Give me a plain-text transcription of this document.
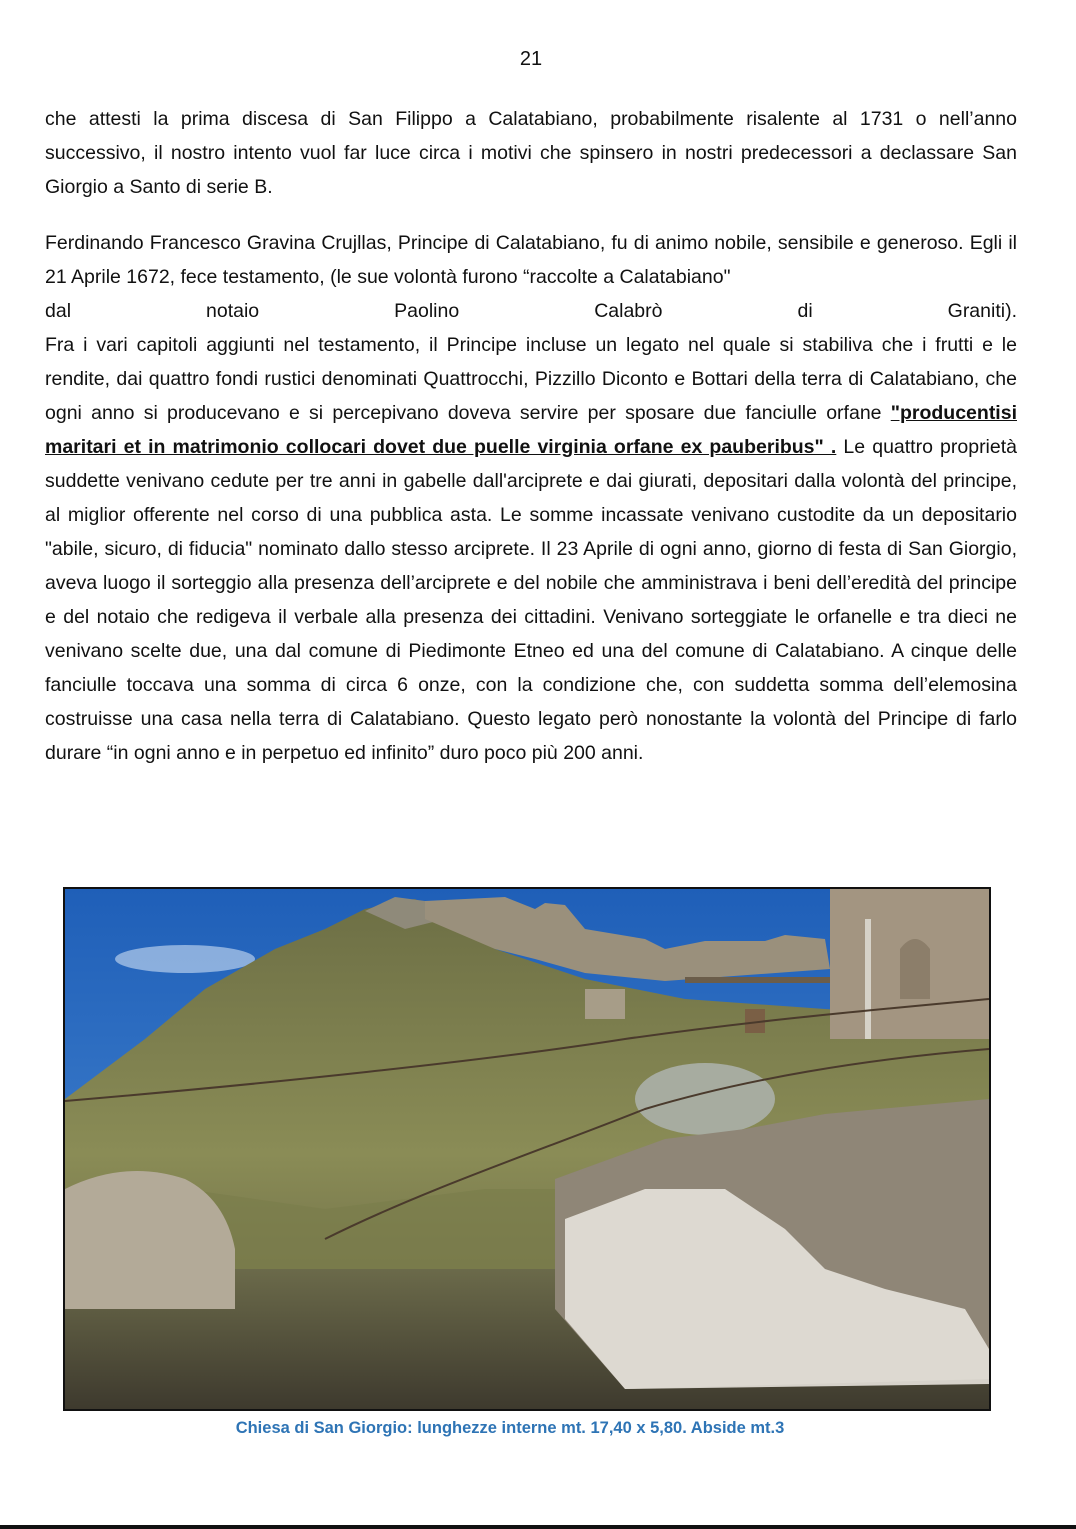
21

che attesti la prima discesa di San Filippo a Calatabiano, probabilmente risalente al 1731 o nell’anno successivo, il nostro intento vuol far luce circa i motivi che spinsero in nostri predecessori a declassare San Giorgio a Santo di serie B.

Ferdinando Francesco Gravina Crujllas, Principe di Calatabiano, fu di animo nobile, sensibile e generoso. Egli il 21 Aprile 1672, fece testamento, (le sue volontà furono “raccolte a Calatabiano"
dal notaio Paolino Calabrò di Graniti).
Fra i vari capitoli aggiunti nel testamento, il Principe incluse un legato nel quale si stabiliva che i frutti e le rendite, dai quattro fondi rustici denominati Quattrocchi, Pizzillo Diconto e Bottari della terra di Calatabiano, che ogni anno si producevano e si percepivano doveva servire per sposare due fanciulle orfane "producentisi maritari et in matrimonio collocari dovet due puelle virginia orfane ex pauberibus" . Le quattro proprietà suddette venivano cedute per tre anni in gabelle dall'arciprete e dai giurati, depositari dalla volontà del principe, al miglior offerente nel corso di una pubblica asta. Le somme incassate venivano custodite da un depositario "abile, sicuro, di fiducia" nominato dallo stesso arciprete. Il 23 Aprile di ogni anno, giorno di festa di San Giorgio, aveva luogo il sorteggio alla presenza dell’arciprete e del nobile che amministrava i beni dell’eredità del principe e del notaio che redigeva il verbale alla presenza dei cittadini. Venivano sorteggiate le orfanelle e tra dieci ne venivano scelte due, una dal comune di Piedimonte Etneo ed una del comune di Calatabiano. A cinque delle fanciulle toccava una somma di circa 6 onze, con la condizione che, con suddetta somma dell’elemosina costruisse una casa nella terra di Calatabiano. Questo legato però nonostante la volontà del Principe di farlo durare “in ogni anno e in perpetuo ed infinito” duro poco più 200 anni.

Chiesa di San Giorgio: lunghezze interne mt. 17,40 x 5,80. Abside mt.3
